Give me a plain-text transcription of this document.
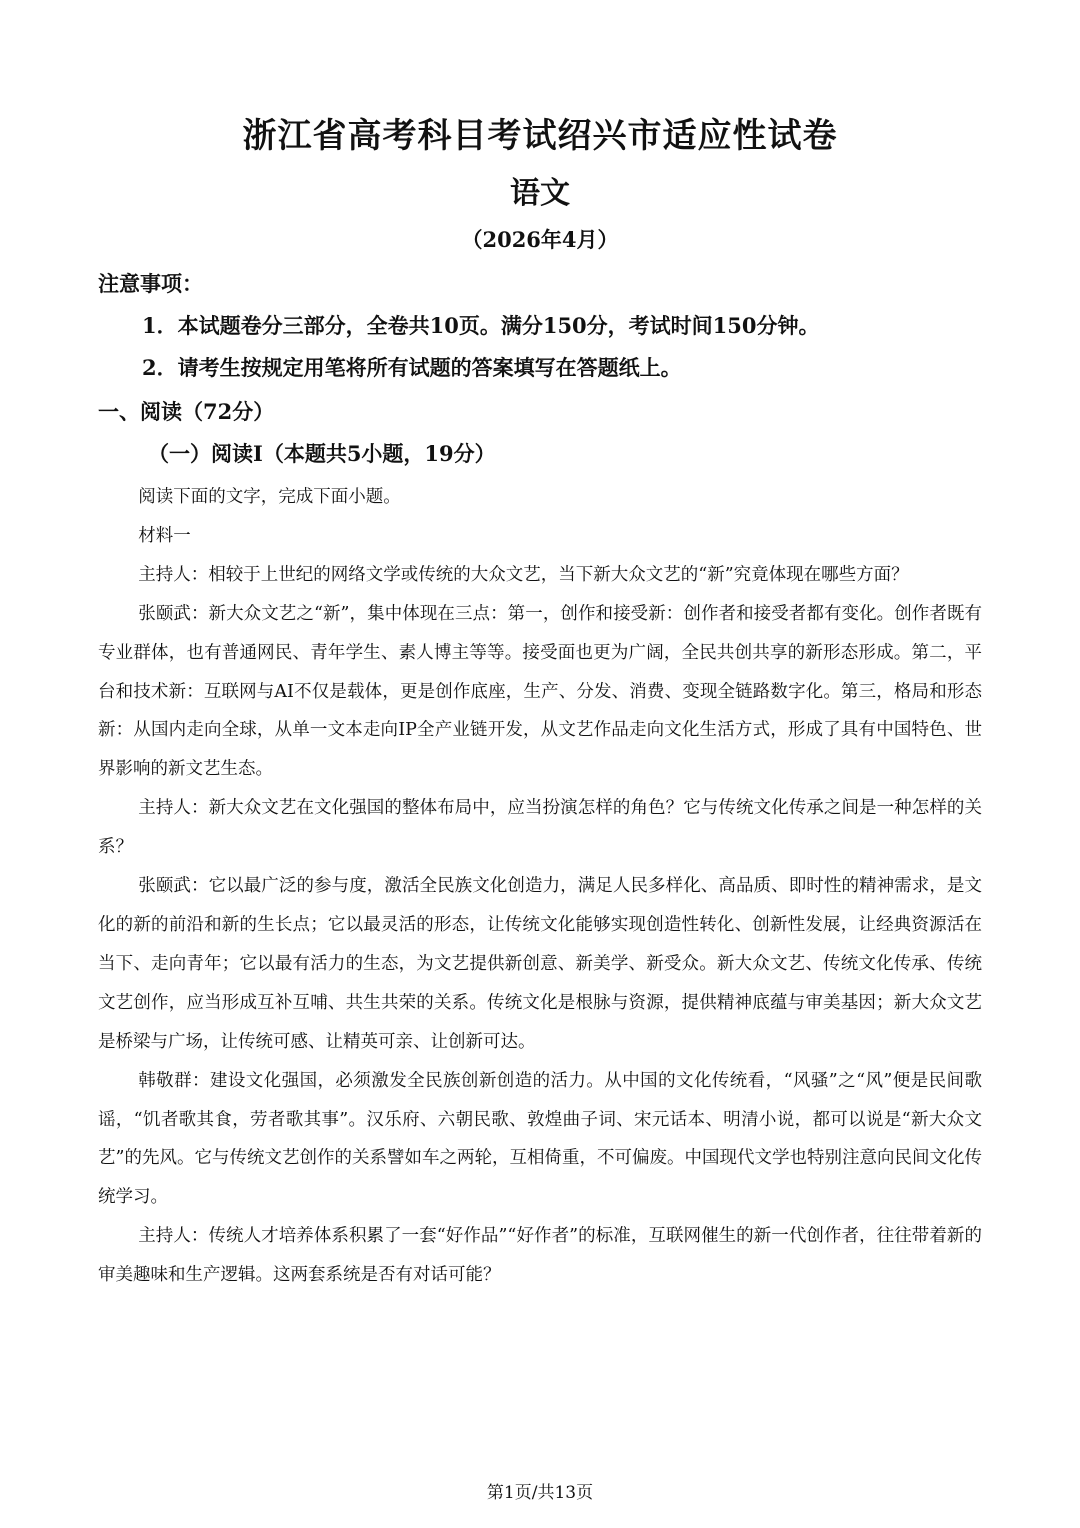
浙江省高考科目考试绍兴市适应性试卷
语文
（2026年4月）
注意事项：
1．本试题卷分三部分，全卷共10页。满分150分，考试时间150分钟。
2．请考生按规定用笔将所有试题的答案填写在答题纸上。
一、阅读（72分）
（一）阅读Ⅰ（本题共5小题，19分）

阅读下面的文字，完成下面小题。

材料一

主持人：相较于上世纪的网络文学或传统的大众文艺，当下新大众文艺的“新”究竟体现在哪些方面？

张颐武：新大众文艺之“新”，集中体现在三点：第一，创作和接受新：创作者和接受者都有变化。创作者既有专业群体，也有普通网民、青年学生、素人博主等等。接受面也更为广阔，全民共创共享的新形态形成。第二，平台和技术新：互联网与AI不仅是载体，更是创作底座，生产、分发、消费、变现全链路数字化。第三，格局和形态新：从国内走向全球，从单一文本走向IP全产业链开发，从文艺作品走向文化生活方式，形成了具有中国特色、世界影响的新文艺生态。

主持人：新大众文艺在文化强国的整体布局中，应当扮演怎样的角色？它与传统文化传承之间是一种怎样的关系？

张颐武：它以最广泛的参与度，激活全民族文化创造力，满足人民多样化、高品质、即时性的精神需求，是文化的新的前沿和新的生长点；它以最灵活的形态，让传统文化能够实现创造性转化、创新性发展，让经典资源活在当下、走向青年；它以最有活力的生态，为文艺提供新创意、新美学、新受众。新大众文艺、传统文化传承、传统文艺创作，应当形成互补互哺、共生共荣的关系。传统文化是根脉与资源，提供精神底蕴与审美基因；新大众文艺是桥梁与广场，让传统可感、让精英可亲、让创新可达。

韩敬群：建设文化强国，必须激发全民族创新创造的活力。从中国的文化传统看，“风骚”之“风”便是民间歌谣，“饥者歌其食，劳者歌其事”。汉乐府、六朝民歌、敦煌曲子词、宋元话本、明清小说，都可以说是“新大众文艺”的先风。它与传统文艺创作的关系譬如车之两轮，互相倚重，不可偏废。中国现代文学也特别注意向民间文化传统学习。

主持人：传统人才培养体系积累了一套“好作品”“好作者”的标准，互联网催生的新一代创作者，往往带着新的审美趣味和生产逻辑。这两套系统是否有对话可能？

第1页/共13页
